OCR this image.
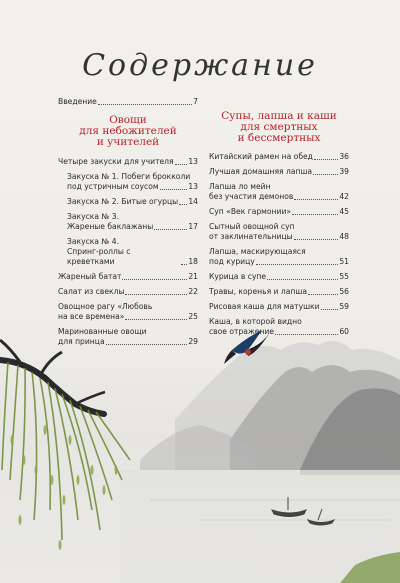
Содержание
Введение	7
Овощи
для небожителей
и учителей
Четыре закуски для учителя 13
Закуска № 1. Побеги брокколи
под устричным соусом	13
Закуска № 2. Битые огурцы 14
Закуска № 3.
Жареные баклажаны	17
Закуска № 4.
Спринг-роллы с креветками	18
Жареный батат	21
Салат из свеклы	22
Овощное рагу «Любовь
на все времена»	25
Маринованные овощи
для принца	29
Супы, лапша и каши
для смертных
и бессмертных
Китайский рамен на обед	36
Лучшая домашняя лапша	39
Лапша ло мейн
без участия демонов	42
Суп «Век гармонии»	45
Сытный овощной суп
от заклинательницы	48
Лапша, маскирующаяся
под курицу	51
Курица в супе	55
Травы, коренья и лапша	56
Рисовая каша для матушки	59
Каша, в которой видно
свое отражение	60
